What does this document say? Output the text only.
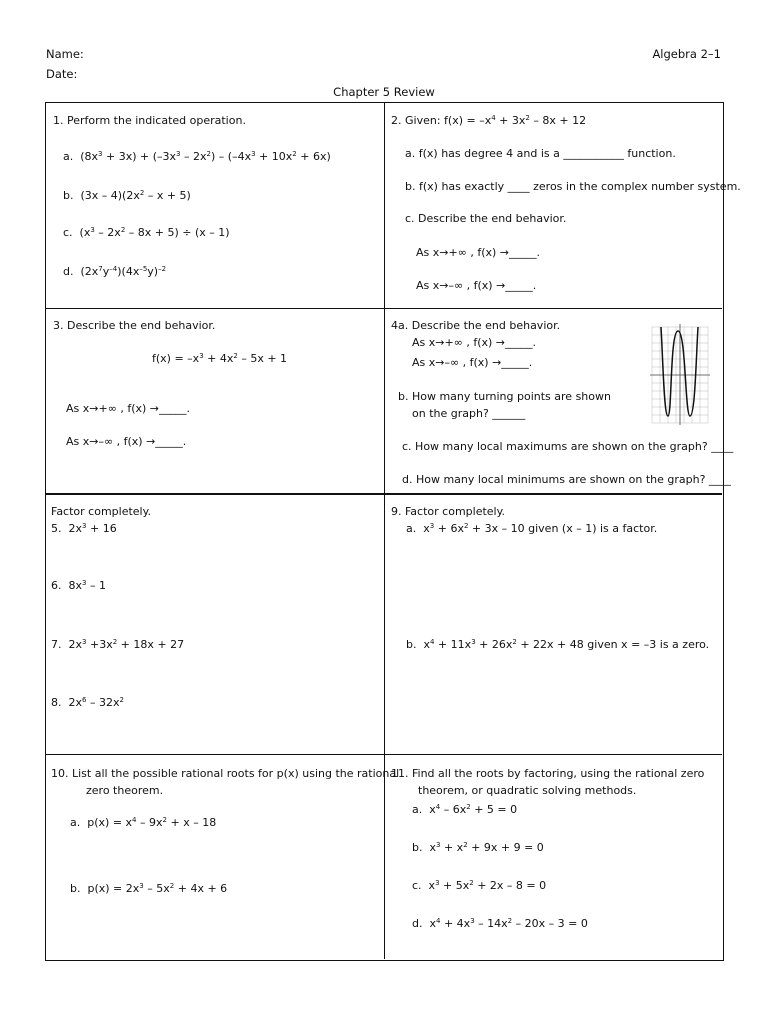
Name:
Date:
Algebra 2–1
Chapter 5 Review
1. Perform the indicated operation.
a.  $(8x^3 + 3x) + (-3x^3 - 2x^2) - (-4x^3 + 10x^2 + 6x)$
b.  $(3x - 4)(2x^2 - x + 5)$
c.  $(x^3 - 2x^2 - 8x + 5) \div (x - 1)$
d.  $(2x^7y^{-4})(4x^{-5}y)^{-2}$
2. Given: $f(x) = -x^4 + 3x^2 - 8x + 12$
a. f(x) has degree 4 and is a ___________ function.
b. f(x) has exactly ____ zeros in the complex number system.
c. Describe the end behavior.
As x→+∞ , f(x) →_____.
As x→–∞ , f(x) →_____.
3. Describe the end behavior.
$f(x) = -x^3 + 4x^2 - 5x + 1$
As x→+∞ , f(x) →_____.
As x→–∞ , f(x) →_____.
4a. Describe the end behavior.
As x→+∞ , f(x) →_____.
As x→–∞ , f(x) →_____.
b. How many turning points are shown
on the graph? ______
c. How many local maximums are shown on the graph? ____
d. How many local minimums are shown on the graph? ____
Factor completely.
5.  $2x^3 + 16$
6.  $8x^3 - 1$
7.  $2x^3 +3x^2 + 18x + 27$
8.  $2x^6 - 32x^2$
9. Factor completely.
a.  $x^3 + 6x^2 + 3x - 10$ given (x – 1) is a factor.
b.  $x^4 + 11x^3 + 26x^2 + 22x + 48$ given x = –3 is a zero.
10. List all the possible rational roots for p(x) using the rational
zero theorem.
a.  $p(x) = x^4 - 9x^2 + x - 18$
b.  $p(x) = 2x^3 - 5x^2 + 4x + 6$
11. Find all the roots by factoring, using the rational zero
theorem, or quadratic solving methods.
a.  $x^4 - 6x^2 + 5 = 0$
b.  $x^3 + x^2 + 9x + 9 = 0$
c.  $x^3 + 5x^2 + 2x - 8 = 0$
d.  $x^4 + 4x^3 - 14x^2 - 20x - 3 = 0$
